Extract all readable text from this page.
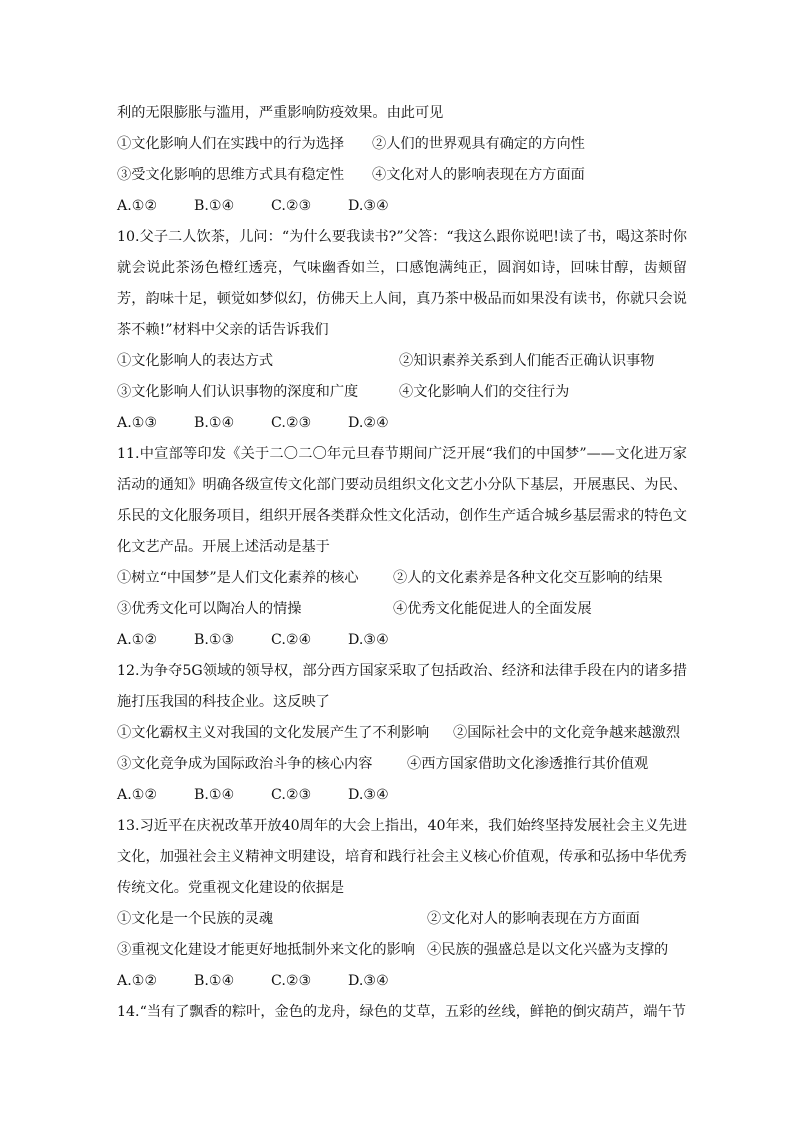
利的无限膨胀与滥用，严重影响防疫效果。由此可见
①文化影响人们在实践中的行为选择	②人们的世界观具有确定的方向性
③受文化影响的思维方式具有稳定性	④文化对人的影响表现在方方面面
A.①②	B.①④	C.②③	D.③④
10.父子二人饮茶，儿问：“为什么要我读书?”父答：“我这么跟你说吧!读了书，喝这茶时你就会说此茶汤色橙红透亮，气味幽香如兰，口感饱满纯正，圆润如诗，回味甘醇，齿颊留芳，韵味十足，顿觉如梦似幻，仿佛天上人间，真乃茶中极品而如果没有读书，你就只会说茶不赖!”材料中父亲的话告诉我们
①文化影响人的表达方式	②知识素养关系到人们能否正确认识事物
③文化影响人们认识事物的深度和广度	④文化影响人们的交往行为
A.①③	B.①④	C.②③	D.②④
11.中宣部等印发《关于二〇二〇年元旦春节期间广泛开展“我们的中国梦”——文化进万家活动的通知》明确各级宣传文化部门要动员组织文化文艺小分队下基层，开展惠民、为民、乐民的文化服务项目，组织开展各类群众性文化活动，创作生产适合城乡基层需求的特色文化文艺产品。开展上述活动是基于
①树立“中国梦”是人们文化素养的核心	②人的文化素养是各种文化交互影响的结果
③优秀文化可以陶冶人的情操	④优秀文化能促进人的全面发展
A.①②	B.①③	C.②④	D.③④
12.为争夺5G领域的领导权，部分西方国家采取了包括政治、经济和法律手段在内的诸多措施打压我国的科技企业。这反映了
①文化霸权主义对我国的文化发展产生了不利影响	②国际社会中的文化竞争越来越激烈
③文化竞争成为国际政治斗争的核心内容	④西方国家借助文化渗透推行其价值观
A.①②	B.①④	C.②③	D.③④
13.习近平在庆祝改革开放40周年的大会上指出，40年来，我们始终坚持发展社会主义先进文化，加强社会主义精神文明建设，培育和践行社会主义核心价值观，传承和弘扬中华优秀传统文化。党重视文化建设的依据是
①文化是一个民族的灵魂	②文化对人的影响表现在方方面面
③重视文化建设才能更好地抵制外来文化的影响 ④民族的强盛总是以文化兴盛为支撑的
A.①②	B.①④	C.②③	D.③④
14.“当有了飘香的粽叶，金色的龙舟，绿色的艾草，五彩的丝线，鲜艳的倒灾葫芦，端午节
